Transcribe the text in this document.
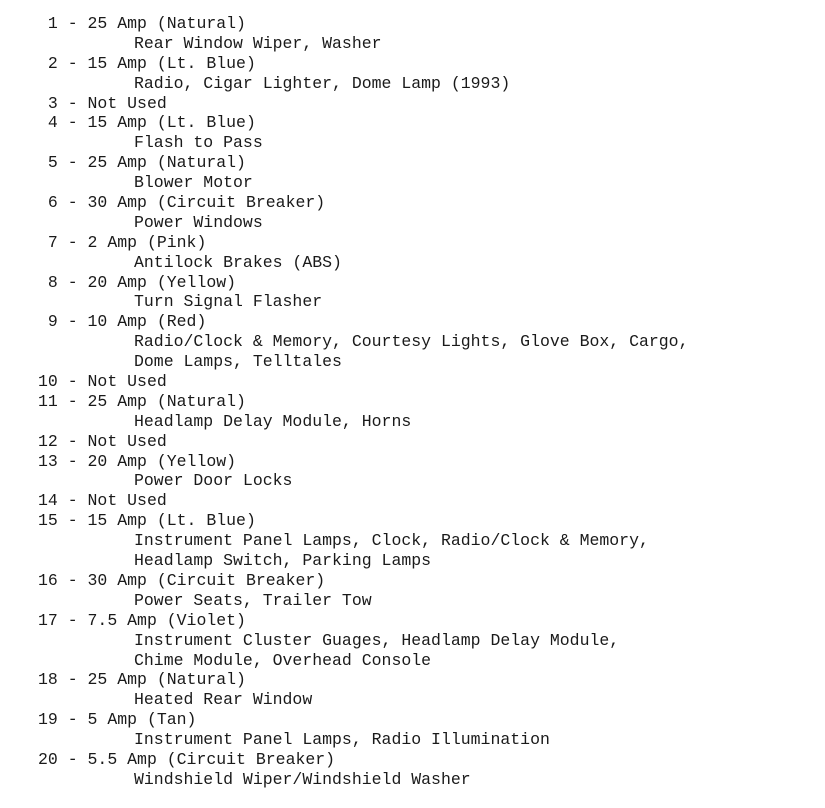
1 - 25 Amp (Natural)
Rear Window Wiper, Washer
2 - 15 Amp (Lt. Blue)
Radio, Cigar Lighter, Dome Lamp (1993)
3 - Not Used
4 - 15 Amp (Lt. Blue)
Flash to Pass
5 - 25 Amp (Natural)
Blower Motor
6 - 30 Amp (Circuit Breaker)
Power Windows
7 - 2 Amp (Pink)
Antilock Brakes (ABS)
8 - 20 Amp (Yellow)
Turn Signal Flasher
9 - 10 Amp (Red)
Radio/Clock & Memory, Courtesy Lights, Glove Box, Cargo,
Dome Lamps, Telltales
10 - Not Used
11 - 25 Amp (Natural)
Headlamp Delay Module, Horns
12 - Not Used
13 - 20 Amp (Yellow)
Power Door Locks
14 - Not Used
15 - 15 Amp (Lt. Blue)
Instrument Panel Lamps, Clock, Radio/Clock & Memory,
Headlamp Switch, Parking Lamps
16 - 30 Amp (Circuit Breaker)
Power Seats, Trailer Tow
17 - 7.5 Amp (Violet)
Instrument Cluster Guages, Headlamp Delay Module,
Chime Module, Overhead Console
18 - 25 Amp (Natural)
Heated Rear Window
19 - 5 Amp (Tan)
Instrument Panel Lamps, Radio Illumination
20 - 5.5 Amp (Circuit Breaker)
Windshield Wiper/Windshield Washer
